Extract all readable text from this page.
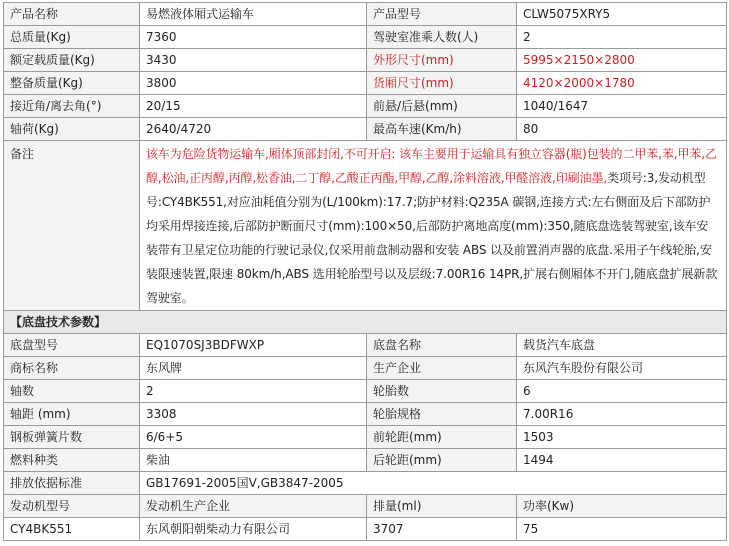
产品名称	易燃液体厢式运输车	产品型号	CLW5075XRY5
总质量(Kg)	7360	驾驶室准乘人数(人)	2
额定载质量(Kg)	3430	外形尺寸(mm)	5995×2150×2800
整备质量(Kg)	3800	货厢尺寸(mm)	4120×2000×1780
接近角/离去角(°)	20/15	前悬/后悬(mm)	1040/1647
轴荷(Kg)	2640/4720	最高车速(Km/h)	80
备注	该车为危险货物运输车,厢体顶部封闭,不可开启: 该车主要用于运输具有独立容器(瓶)包装的二甲苯,苯,甲苯,乙醇,松油,正丙醇,丙醇,松香油,二丁醇,乙酸正丙酯,甲醇,乙醇,涂料溶液,甲醛溶液,印刷油墨,类项号:3,发动机型号:CY4BK551,对应油耗值分别为(L/100km):17.7;防护材料:Q235A 碳钢,连接方式:左右侧面及后下部防护均采用焊接连接,后部防护断面尺寸(mm):100×50,后部防护离地高度(mm):350,随底盘选装驾驶室,该车安装带有卫星定位功能的行驶记录仪,仅采用前盘制动器和安装 ABS 以及前置消声器的底盘.采用子午线轮胎,安装限速装置,限速 80km/h,ABS 选用轮胎型号以及层级:7.00R16 14PR,扩展右侧厢体不开门,随底盘扩展新款驾驶室。		
【底盘技术参数】			
底盘型号	EQ1070SJ3BDFWXP	底盘名称	载货汽车底盘
商标名称	东风牌	生产企业	东风汽车股份有限公司
轴数	2	轮胎数	6
轴距 (mm)	3308	轮胎规格	7.00R16
钢板弹簧片数	6/6+5	前轮距(mm)	1503
燃料种类	柴油	后轮距(mm)	1494
排放依据标准	GB17691-2005国Ⅴ,GB3847-2005		
发动机型号	发动机生产企业	排量(ml)	功率(Kw)
CY4BK551	东风朝阳朝柴动力有限公司	3707	75
